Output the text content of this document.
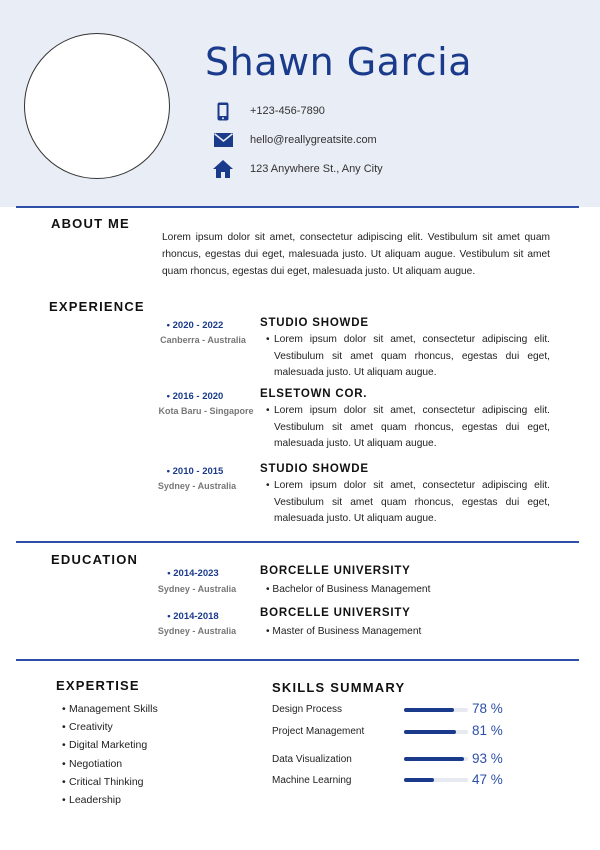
Shawn Garcia
+123-456-7890
hello@reallygreatsite.com
123 Anywhere St., Any City
ABOUT ME
Lorem ipsum dolor sit amet, consectetur adipiscing elit. Vestibulum sit amet quam rhoncus, egestas dui eget, malesuada justo. Ut aliquam augue. Vestibulum sit amet quam rhoncus, egestas dui eget, malesuada justo. Ut aliquam augue.
EXPERIENCE
• 2020 - 2022
Canberra - Australia
STUDIO SHOWDE
• Lorem ipsum dolor sit amet, consectetur adipiscing elit. Vestibulum sit amet quam rhoncus, egestas dui eget, malesuada justo. Ut aliquam augue.
• 2016 - 2020
Kota Baru - Singapore
ELSETOWN COR.
• Lorem ipsum dolor sit amet, consectetur adipiscing elit. Vestibulum sit amet quam rhoncus, egestas dui eget, malesuada justo. Ut aliquam augue.
• 2010 - 2015
Sydney - Australia
STUDIO SHOWDE
• Lorem ipsum dolor sit amet, consectetur adipiscing elit. Vestibulum sit amet quam rhoncus, egestas dui eget, malesuada justo. Ut aliquam augue.
EDUCATION
• 2014-2023
Sydney - Australia
BORCELLE UNIVERSITY
• Bachelor of Business Management
• 2014-2018
Sydney - Australia
BORCELLE UNIVERSITY
• Master of Business Management
EXPERTISE
• Management Skills
• Creativity
• Digital Marketing
• Negotiation
• Critical Thinking
• Leadership
SKILLS SUMMARY
Design Process	78 %
Project Management	81 %
Data Visualization	93 %
Machine Learning	47 %
